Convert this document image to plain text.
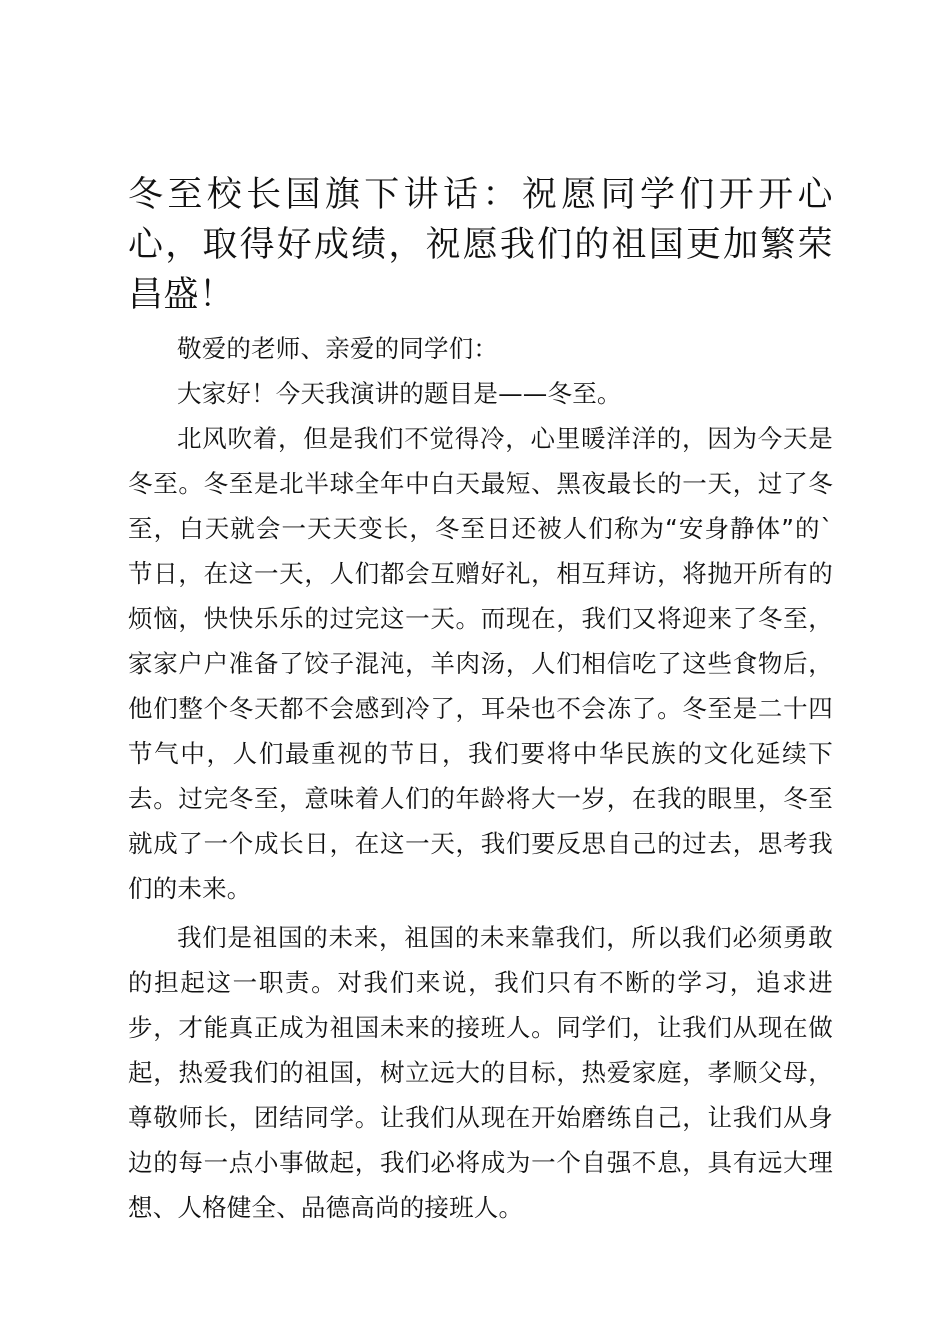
冬至校长国旗下讲话：祝愿同学们开开心心，取得好成绩，祝愿我们的祖国更加繁荣昌盛！

敬爱的老师、亲爱的同学们：

大家好！今天我演讲的题目是——冬至。

北风吹着，但是我们不觉得冷，心里暖洋洋的，因为今天是冬至。冬至是北半球全年中白天最短、黑夜最长的一天，过了冬至，白天就会一天天变长，冬至日还被人们称为“安身静体”的`节日，在这一天，人们都会互赠好礼，相互拜访，将抛开所有的烦恼，快快乐乐的过完这一天。而现在，我们又将迎来了冬至，家家户户准备了饺子混沌，羊肉汤，人们相信吃了这些食物后，他们整个冬天都不会感到冷了，耳朵也不会冻了。冬至是二十四节气中，人们最重视的节日，我们要将中华民族的文化延续下去。过完冬至，意味着人们的年龄将大一岁，在我的眼里，冬至就成了一个成长日，在这一天，我们要反思自己的过去，思考我们的未来。

我们是祖国的未来，祖国的未来靠我们，所以我们必须勇敢的担起这一职责。对我们来说，我们只有不断的学习，追求进步，才能真正成为祖国未来的接班人。同学们，让我们从现在做起，热爱我们的祖国，树立远大的目标，热爱家庭，孝顺父母，尊敬师长，团结同学。让我们从现在开始磨练自己，让我们从身边的每一点小事做起，我们必将成为一个自强不息，具有远大理想、人格健全、品德高尚的接班人。
